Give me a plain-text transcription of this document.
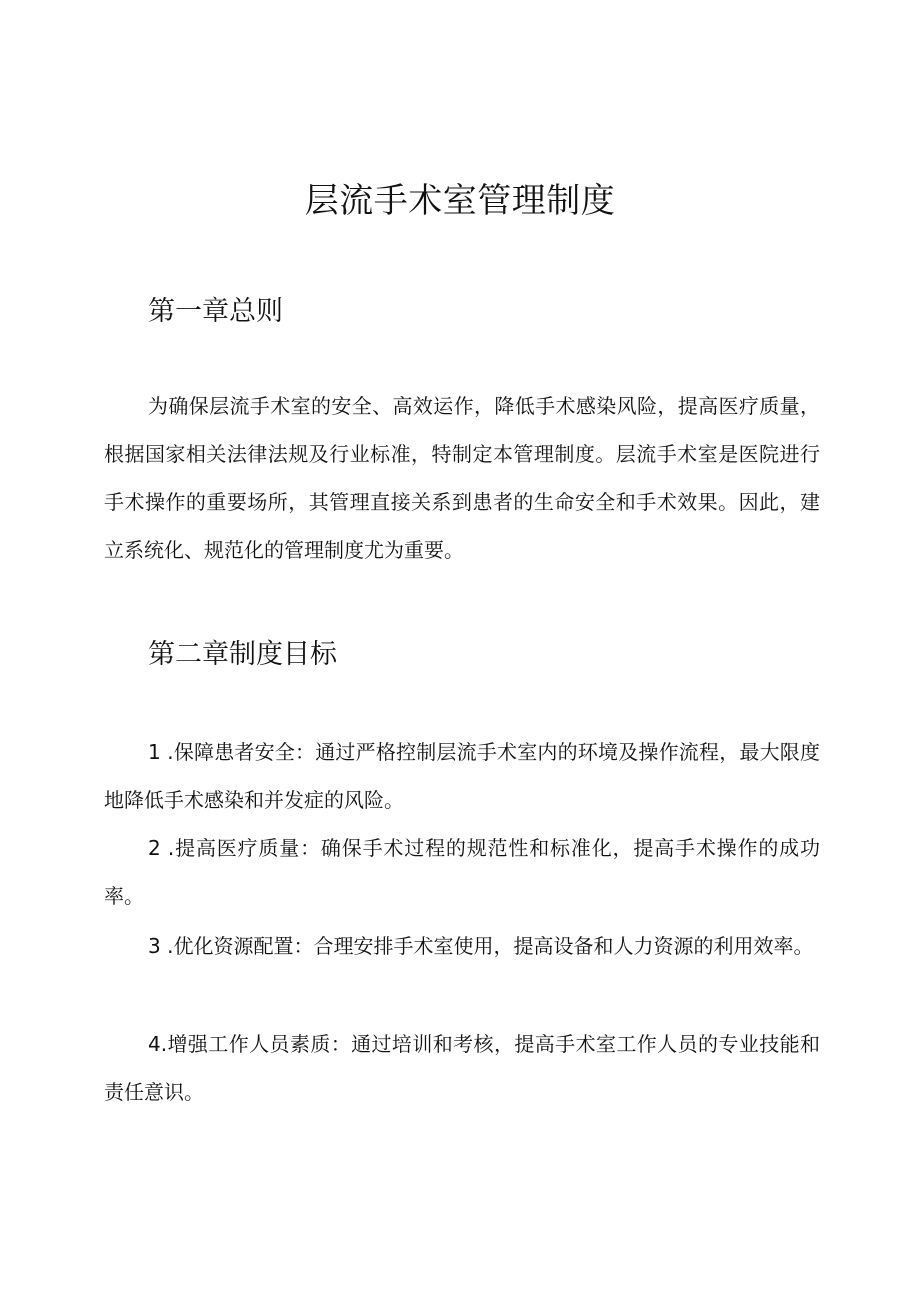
层流手术室管理制度
第一章总则

为确保层流手术室的安全、高效运作，降低手术感染风险，提高医疗质量，根据国家相关法律法规及行业标准，特制定本管理制度。层流手术室是医院进行手术操作的重要场所，其管理直接关系到患者的生命安全和手术效果。因此，建立系统化、规范化的管理制度尤为重要。

第二章制度目标

1 .保障患者安全：通过严格控制层流手术室内的环境及操作流程，最大限度地降低手术感染和并发症的风险。

2 .提高医疗质量：确保手术过程的规范性和标准化，提高手术操作的成功率。

3 .优化资源配置：合理安排手术室使用，提高设备和人力资源的利用效率。

4.增强工作人员素质：通过培训和考核，提高手术室工作人员的专业技能和责任意识。
